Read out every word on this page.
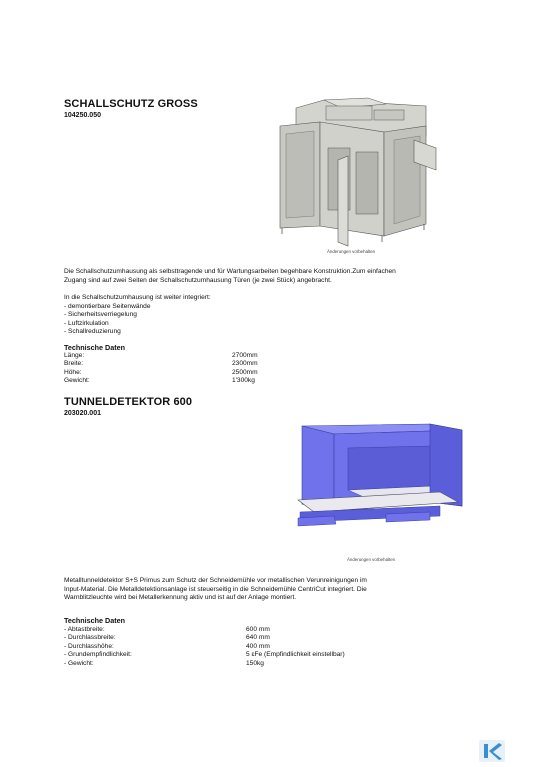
SCHALLSCHUTZ GROSS
104250.050
Änderungen vorbehalten
Die Schallschutzumhausung als selbsttragende und für Wartungsarbeiten begehbare Konstruktion.Zum einfachen
Zugang sind auf zwei Seiten der Schallschutzumhausung Türen (je zwei Stück) angebracht.
In die Schallschutzumhausung ist weiter integriert:
- demontierbare Seitenwände
- Sicherheitsverriegelung
- Luftzirkulation
- Schallreduzierung
Technische Daten
Länge:	2700mm
Breite:	2300mm
Höhe:	2500mm
Gewicht:	1'300kg
TUNNELDETEKTOR 600
203020.001
Änderungen vorbehalten
Metalltunneldetektor S+S Primus zum Schutz der Schneidemühle vor metallischen Verunreinigungen im
Input-Material. Die Metalldetektionsanlage ist steuerseitig in die Schneidemühle CentriCut integriert. Die
Warnblitzleuchte wird bei Metallerkennung aktiv und ist auf der Anlage montiert.
Technische Daten
- Abtastbreite:	600 mm
- Durchlassbreite:	640 mm
- Durchlasshöhe:	400 mm
- Grundempfindlichkeit:	5 ɛFe (Empfindlichkeit einstellbar)
- Gewicht:	150kg
